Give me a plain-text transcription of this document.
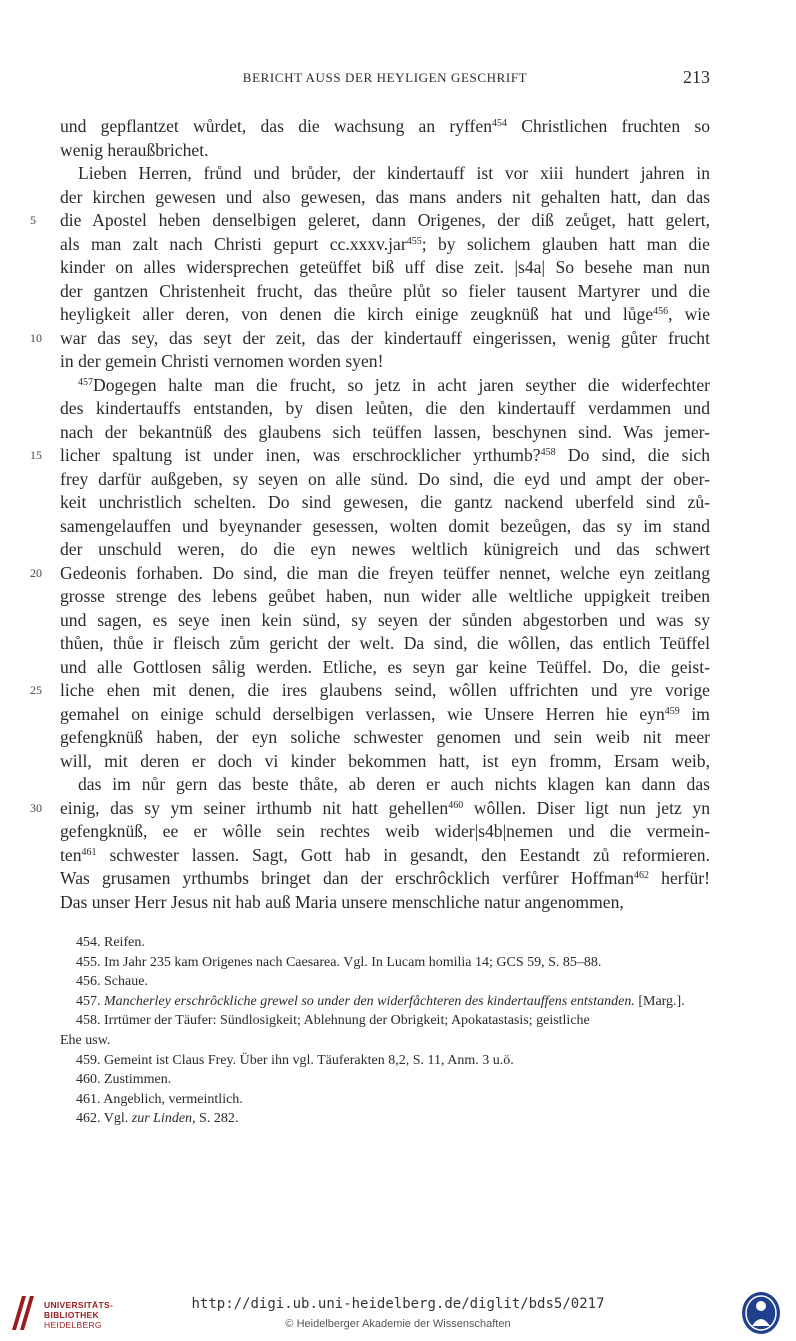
BERICHT AUSS DER HEYLIGEN GESCHRIFT	213
und gepflantzet wůrdet, das die wachsung an ryffen$^{454}$ Christlichen fruchten so
wenig heraußbrichet.
Lieben Herren, frůnd und brůder, der kindertauff ist vor xiii hundert jahren in
der kirchen gewesen und also gewesen, das mans anders nit gehalten hatt, dan das
5	die Apostel heben denselbigen geleret, dann Origenes, der diß zeůget, hatt gelert,
als man zalt nach Christi gepurt cc.xxxv.jar$^{455}$; by solichem glauben hatt man die
kinder on alles widersprechen geteüffet biß uff dise zeit. |s4a| So besehe man nun
der gantzen Christenheit frucht, das theůre plůt so fieler tausent Martyrer und die
heyligkeit aller deren, von denen die kirch einige zeugknüß hat und lůge$^{456}$, wie
10	war das sey, das seyt der zeit, das der kindertauff eingerissen, wenig gůter frucht
in der gemein Christi vernomen worden syen!
$^{457}$Dogegen halte man die frucht, so jetz in acht jaren seyther die widerfechter
des kindertauffs entstanden, by disen leůten, die den kindertauff verdammen und
nach der bekantnüß des glaubens sich teüffen lassen, beschynen sind. Was jemer-
15	licher spaltung ist under inen, was erschrocklicher yrthumb?$^{458}$ Do sind, die sich
frey darfür außgeben, sy seyen on alle sünd. Do sind, die eyd und ampt der ober-
keit unchristlich schelten. Do sind gewesen, die gantz nackend uberfeld sind zů-
samengelauffen und byeynander gesessen, wolten domit bezeůgen, das sy im stand
der unschuld weren, do die eyn newes weltlich künigreich und das schwert
20	Gedeonis forhaben. Do sind, die man die freyen teüffer nennet, welche eyn zeitlang
grosse strenge des lebens geůbet haben, nun wider alle weltliche uppigkeit treiben
und sagen, es seye inen kein sünd, sy seyen der sůnden abgestorben und was sy
thůen, thůe ir fleisch zům gericht der welt. Da sind, die wôllen, das entlich Teüffel
und alle Gottlosen sålig werden. Etliche, es seyn gar keine Teüffel. Do, die geist-
25	liche ehen mit denen, die ires glaubens seind, wôllen uffrichten und yre vorige
gemahel on einige schuld derselbigen verlassen, wie Unsere Herren hie eyn$^{459}$ im
gefengknüß haben, der eyn soliche schwester genomen und sein weib nit meer
will, mit deren er doch vi kinder bekommen hatt, ist eyn fromm, Ersam weib,
das im nůr gern das beste thåte, ab deren er auch nichts klagen kan dann das
30	einig, das sy ym seiner irthumb nit hatt gehellen$^{460}$ wôllen. Diser ligt nun jetz yn
gefengknüß, ee er wôlle sein rechtes weib wider|s4b|nemen und die vermein-
ten$^{461}$ schwester lassen. Sagt, Gott hab in gesandt, den Eestandt zů reformieren.
Was grusamen yrthumbs bringet dan der erschrôcklich verfůrer Hoffman$^{462}$ herfür!
Das unser Herr Jesus nit hab auß Maria unsere menschliche natur angenommen,
454. Reifen.
455. Im Jahr 235 kam Origenes nach Caesarea. Vgl. In Lucam homilia 14; GCS 59, S. 85–88.
456. Schaue.
457. Mancherley erschrôckliche grewel so under den widerfåchteren des kindertauffens entstanden. [Marg.].
458. Irrtümer der Täufer: Sündlosigkeit; Ablehnung der Obrigkeit; Apokatastasis; geistliche
Ehe usw.
459. Gemeint ist Claus Frey. Über ihn vgl. Täuferakten 8,2, S. 11, Anm. 3 u.ö.
460. Zustimmen.
461. Angeblich, vermeintlich.
462. Vgl. zur Linden, S. 282.
UNIVERSITÄTS-
BIBLIOTHEK
HEIDELBERG
http://digi.ub.uni-heidelberg.de/diglit/bds5/0217
© Heidelberger Akademie der Wissenschaften
